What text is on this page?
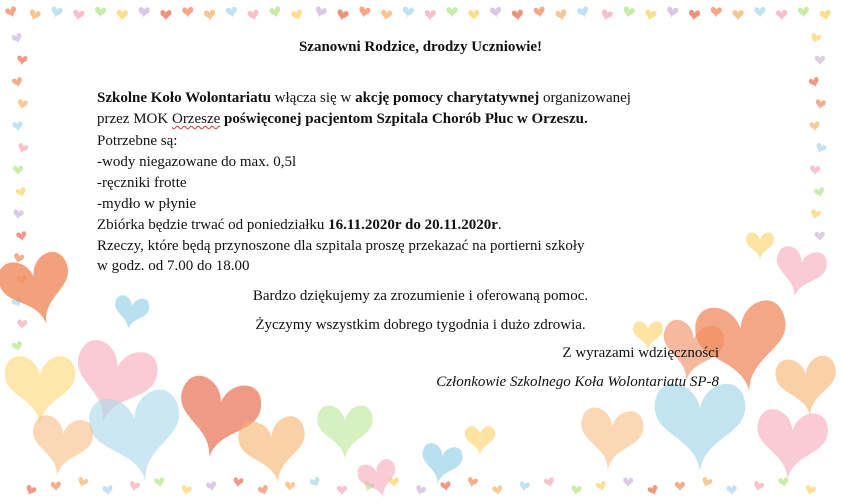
Szanowni Rodzice, drodzy Uczniowie!
Szkolne Koło Wolontariatu włącza się w akcję pomocy charytatywnej organizowanej
przez MOK Orzesze poświęconej pacjentom Szpitala Chorób Płuc w Orzeszu.
Potrzebne są:
-wody niegazowane do max. 0,5l
-ręczniki frotte
-mydło w płynie
Zbiórka będzie trwać od poniedziałku 16.11.2020r do 20.11.2020r.
Rzeczy, które będą przynoszone dla szpitala proszę przekazać na portierni szkoły
w godz. od 7.00 do 18.00
Bardzo dziękujemy za zrozumienie i oferowaną pomoc.
Życzymy wszystkim dobrego tygodnia i dużo zdrowia.
Z wyrazami wdzięczności
Członkowie Szkolnego Koła Wolontariatu SP-8
